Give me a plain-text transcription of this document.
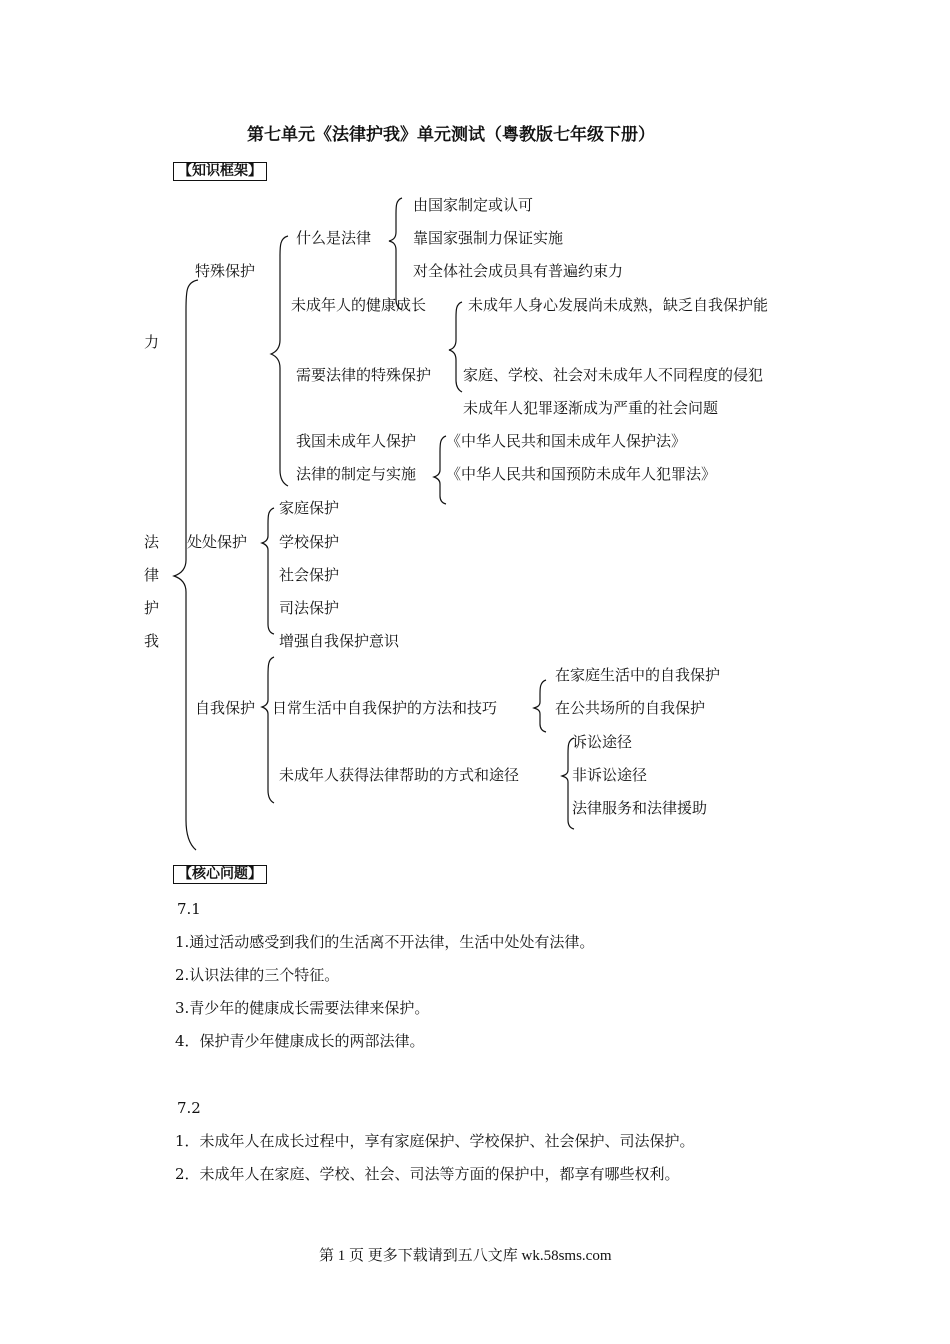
第七单元《法律护我》单元测试（粤教版七年级下册）
【知识框架】
【核心问题】
力
法
律
护
我
特殊保护
什么是法律
由国家制定或认可
靠国家强制力保证实施
对全体社会成员具有普遍约束力
未成年人的健康成长	未成年人身心发展尚未成熟，缺乏自我保护能
需要法律的特殊保护 家庭、学校、社会对未成年人不同程度的侵犯
未成年人犯罪逐渐成为严重的社会问题
我国未成年人保护 《中华人民共和国未成年人保护法》
法律的制定与实施 《中华人民共和国预防未成年人犯罪法》
处处保护
家庭保护
学校保护
社会保护
司法保护
增强自我保护意识
自我保护 日常生活中自我保护的方法和技巧
在家庭生活中的自我保护
在公共场所的自我保护
未成年人获得法律帮助的方式和途径
诉讼途径
非诉讼途径
法律服务和法律援助
7.1
1.通过活动感受到我们的生活离不开法律，生活中处处有法律。
2.认识法律的三个特征。
3.青少年的健康成长需要法律来保护。
4．保护青少年健康成长的两部法律。
7.2
1．未成年人在成长过程中，享有家庭保护、学校保护、社会保护、司法保护。
2．未成年人在家庭、学校、社会、司法等方面的保护中，都享有哪些权利。
第 1 页 更多下载请到五八文库 wk.58sms.com
